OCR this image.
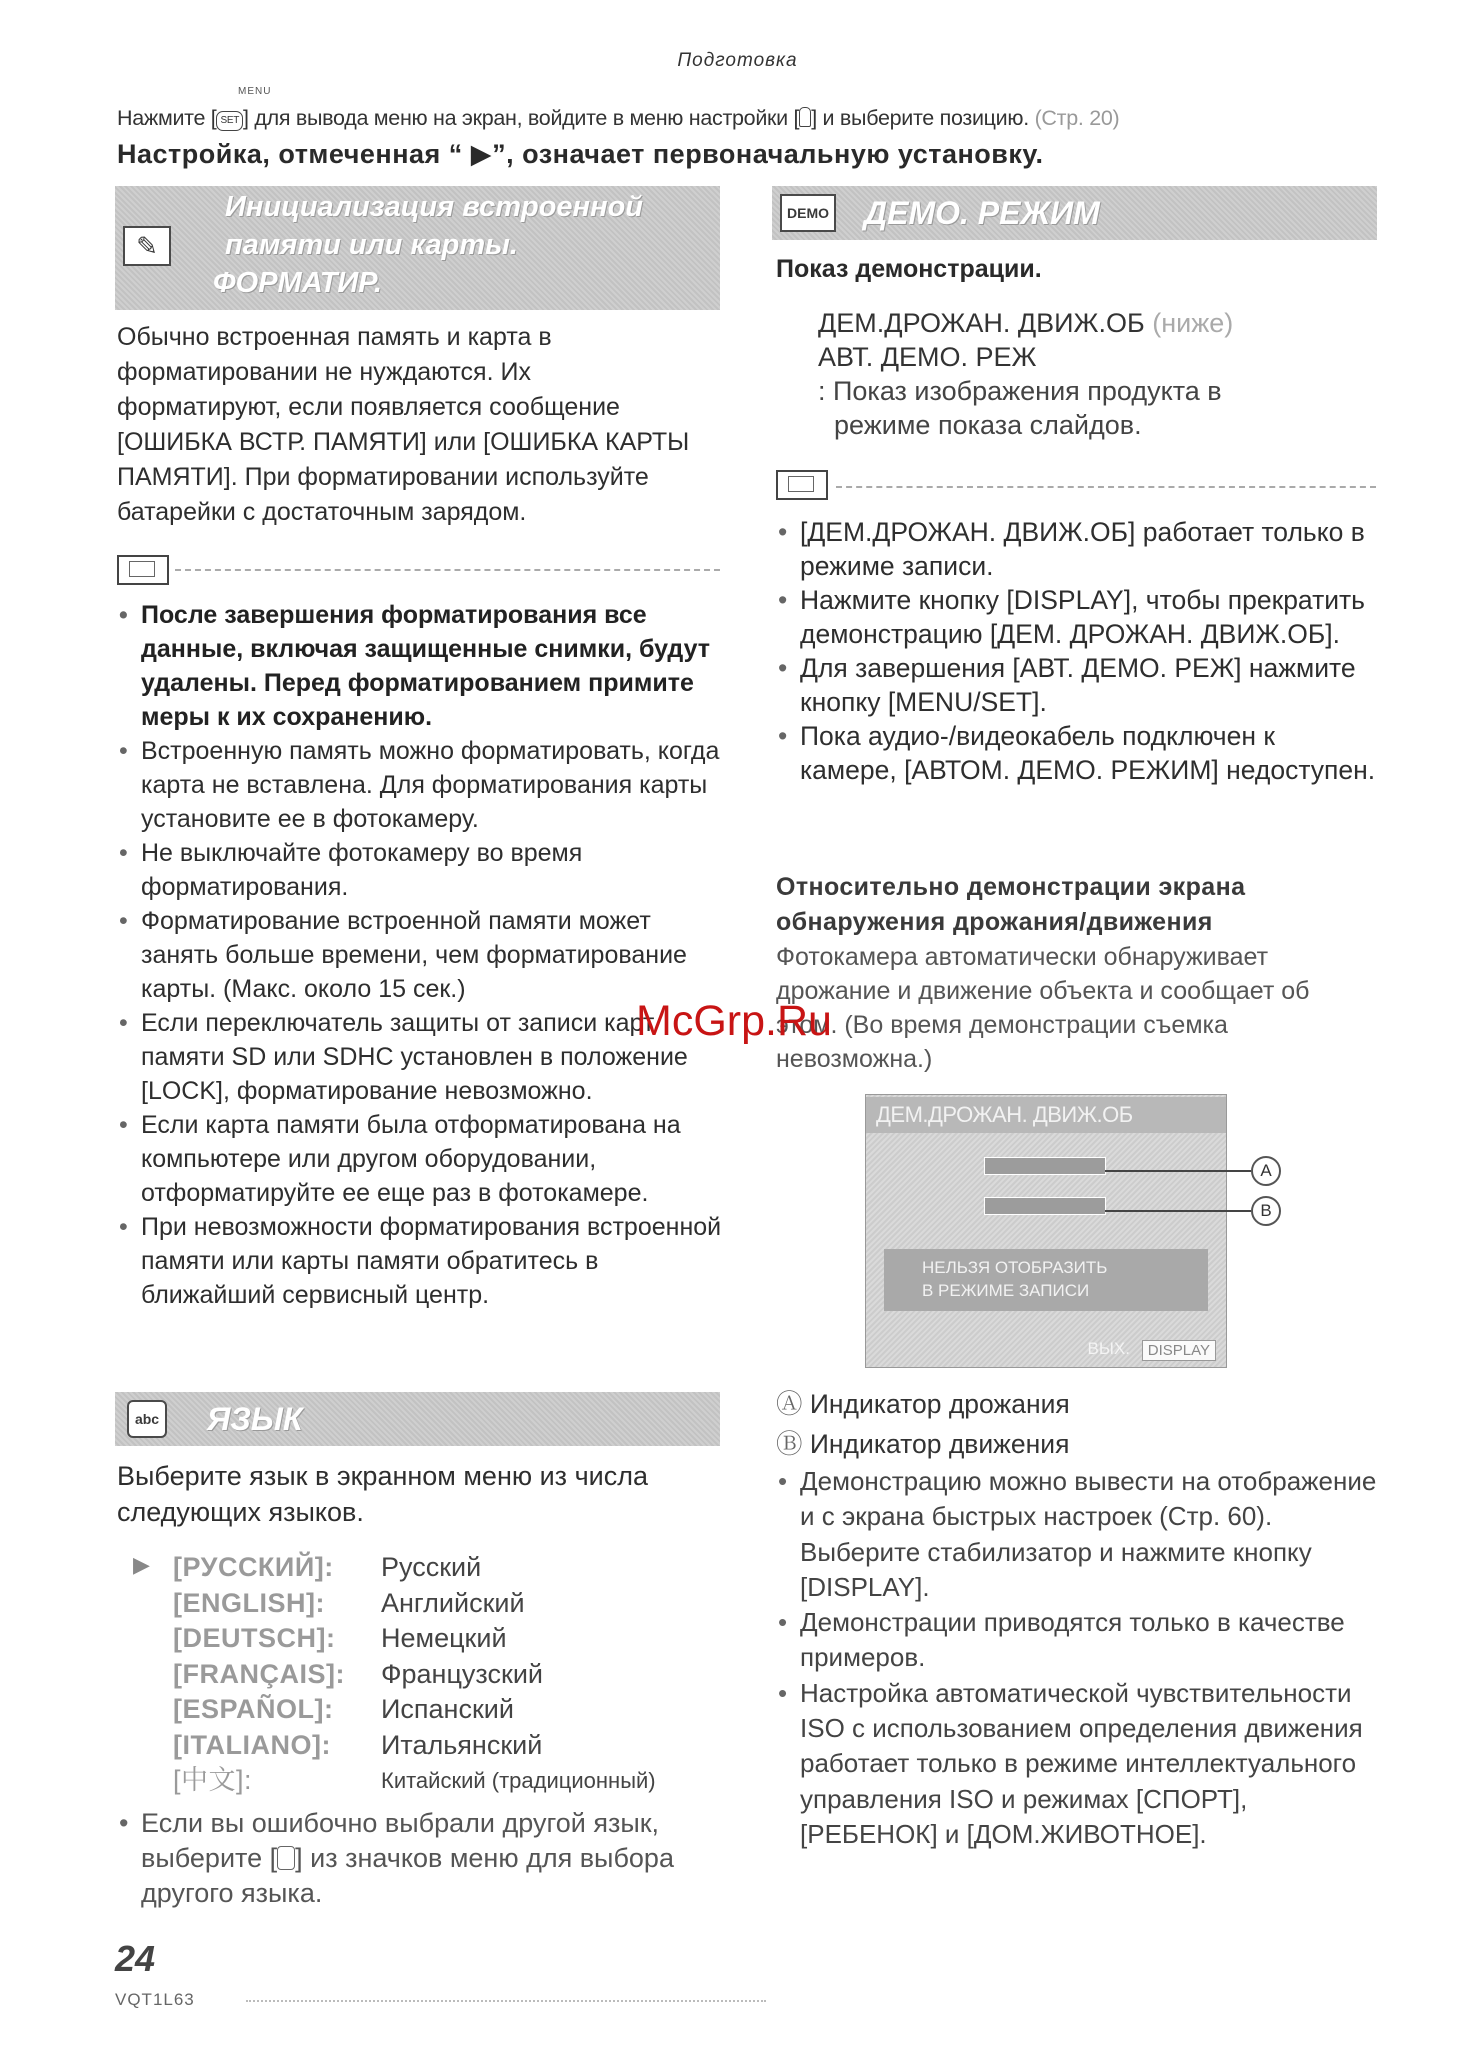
Подготовка
MENU
Нажмите [ SET ] для вывода меню на экран, войдите в меню настройки [ ] и выберите позицию. (Стр. 20)
Настройка, отмеченная “ ▶”, означает первоначальную установку.
✎
Инициализация встроенной
памяти или карты.
ФОРМАТИР.
Обычно встроенная память и карта в форматировании не нуждаются. Их форматируют, если появляется сообщение [ОШИБКА ВСТР. ПАМЯТИ] или [ОШИБКА КАРТЫ ПАМЯТИ]. При форматировании используйте батарейки с достаточным зарядом.
• После завершения форматирования все данные, включая защищенные снимки, будут удалены. Перед форматированием примите меры к их сохранению.
• Встроенную память можно форматировать, когда карта не вставлена. Для форматирования карты установите ее в фотокамеру.
• Не выключайте фотокамеру во время форматирования.
• Форматирование встроенной памяти может занять больше времени, чем форматирование карты. (Макс. около 15 сек.)
• Если переключатель защиты от записи карт памяти SD или SDHC установлен в положение [LOCK], форматирование невозможно.
• Если карта памяти была отформатирована на компьютере или другом оборудовании, отформатируйте ее еще раз в фотокамере.
• При невозможности форматирования встроенной памяти или карты памяти обратитесь в ближайший сервисный центр.
abc ЯЗЫК
Выберите язык в экранном меню из числа следующих языков.
▶ [РУССКИЙ]:	Русский
[ENGLISH]:	Английский
[DEUTSCH]:	Немецкий
[FRANÇAIS]:	Французский
[ESPAÑOL]:	Испанский
[ITALIANO]:	Итальянский
[中文]:	Китайский (традиционный)
• Если вы ошибочно выбрали другой язык, выберите [ ] из значков меню для выбора другого языка.
DEMO ДЕМО. РЕЖИМ
Показ демонстрации.
ДЕМ.ДРОЖАН. ДВИЖ.ОБ (ниже)
АВТ. ДЕМО. РЕЖ
: Показ изображения продукта в
режиме показа слайдов.
• [ДЕМ.ДРОЖАН. ДВИЖ.ОБ] работает только в режиме записи.
• Нажмите кнопку [DISPLAY], чтобы прекратить демонстрацию [ДЕМ. ДРОЖАН. ДВИЖ.ОБ].
• Для завершения [АВТ. ДЕМО. РЕЖ] нажмите кнопку [MENU/SET].
• Пока аудио-/видеокабель подключен к камере, [АВТОМ. ДЕМО. РЕЖИМ] недоступен.
Относительно демонстрации экрана
обнаружения дрожания/движения
Фотокамера автоматически обнаруживает дрожание и движение объекта и сообщает об этом. (Во время демонстрации съемка невозможна.)
ДЕМ.ДРОЖАН. ДВИЖ.ОБ
НЕЛЬЗЯ ОТОБРАЗИТЬ
В РЕЖИМЕ ЗАПИСИ
ВЫХ.	DISPLAY
A
B
Ⓐ Индикатор дрожания
Ⓑ Индикатор движения
• Демонстрацию можно вывести на отображение и с экрана быстрых настроек (Стр. 60). Выберите стабилизатор и нажмите кнопку [DISPLAY].
• Демонстрации приводятся только в качестве примеров.
• Настройка автоматической чувствительности ISO с использованием определения движения работает только в режиме интеллектуального управления ISO и режимах [СПОРТ], [РЕБЕНОК] и [ДОМ.ЖИВОТНОЕ].
McGrp.Ru
24
VQT1L63
